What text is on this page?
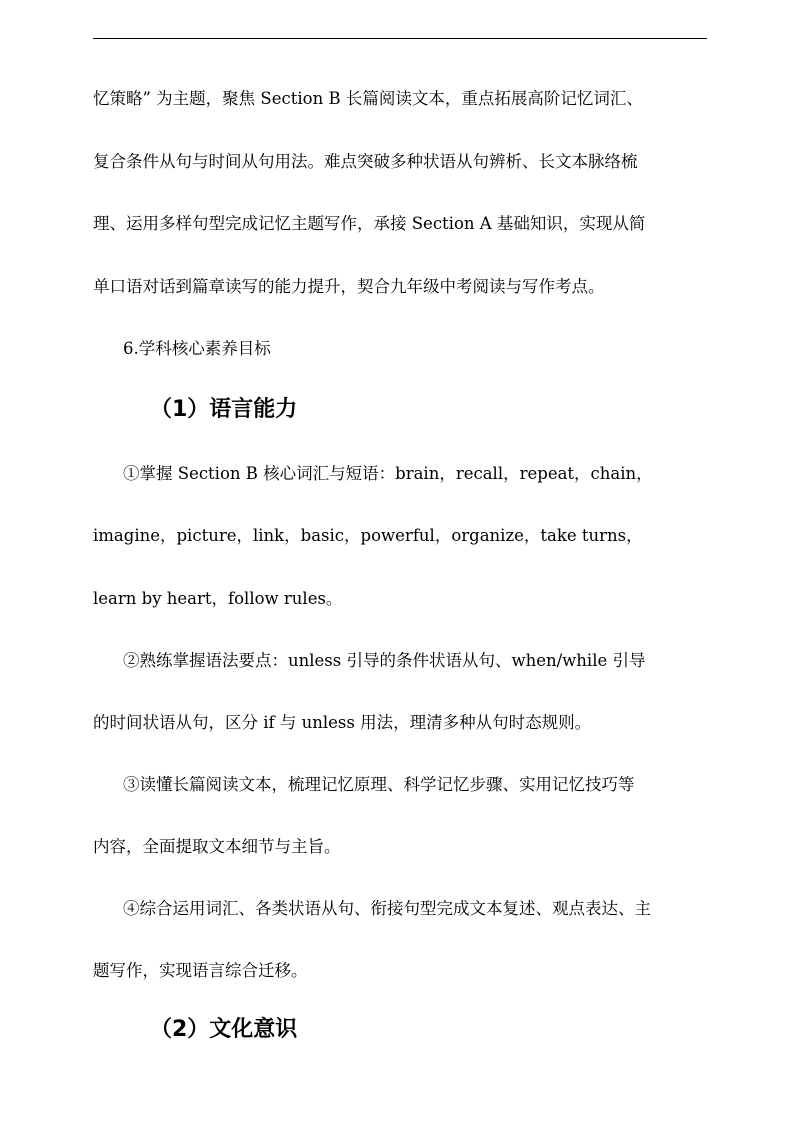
忆策略” 为主题，聚焦 Section B 长篇阅读文本，重点拓展高阶记忆词汇、
复合条件从句与时间从句用法。难点突破多种状语从句辨析、长文本脉络梳
理、运用多样句型完成记忆主题写作，承接 Section A 基础知识，实现从简
单口语对话到篇章读写的能力提升，契合九年级中考阅读与写作考点。
6.学科核心素养目标
（1）语言能力
①掌握 Section B 核心词汇与短语：brain，recall，repeat，chain，
imagine，picture，link，basic，powerful，organize，take turns，
learn by heart，follow rules。
②熟练掌握语法要点：unless 引导的条件状语从句、when/while 引导
的时间状语从句，区分 if 与 unless 用法，理清多种从句时态规则。
③读懂长篇阅读文本，梳理记忆原理、科学记忆步骤、实用记忆技巧等
内容，全面提取文本细节与主旨。
④综合运用词汇、各类状语从句、衔接句型完成文本复述、观点表达、主
题写作，实现语言综合迁移。
（2）文化意识
